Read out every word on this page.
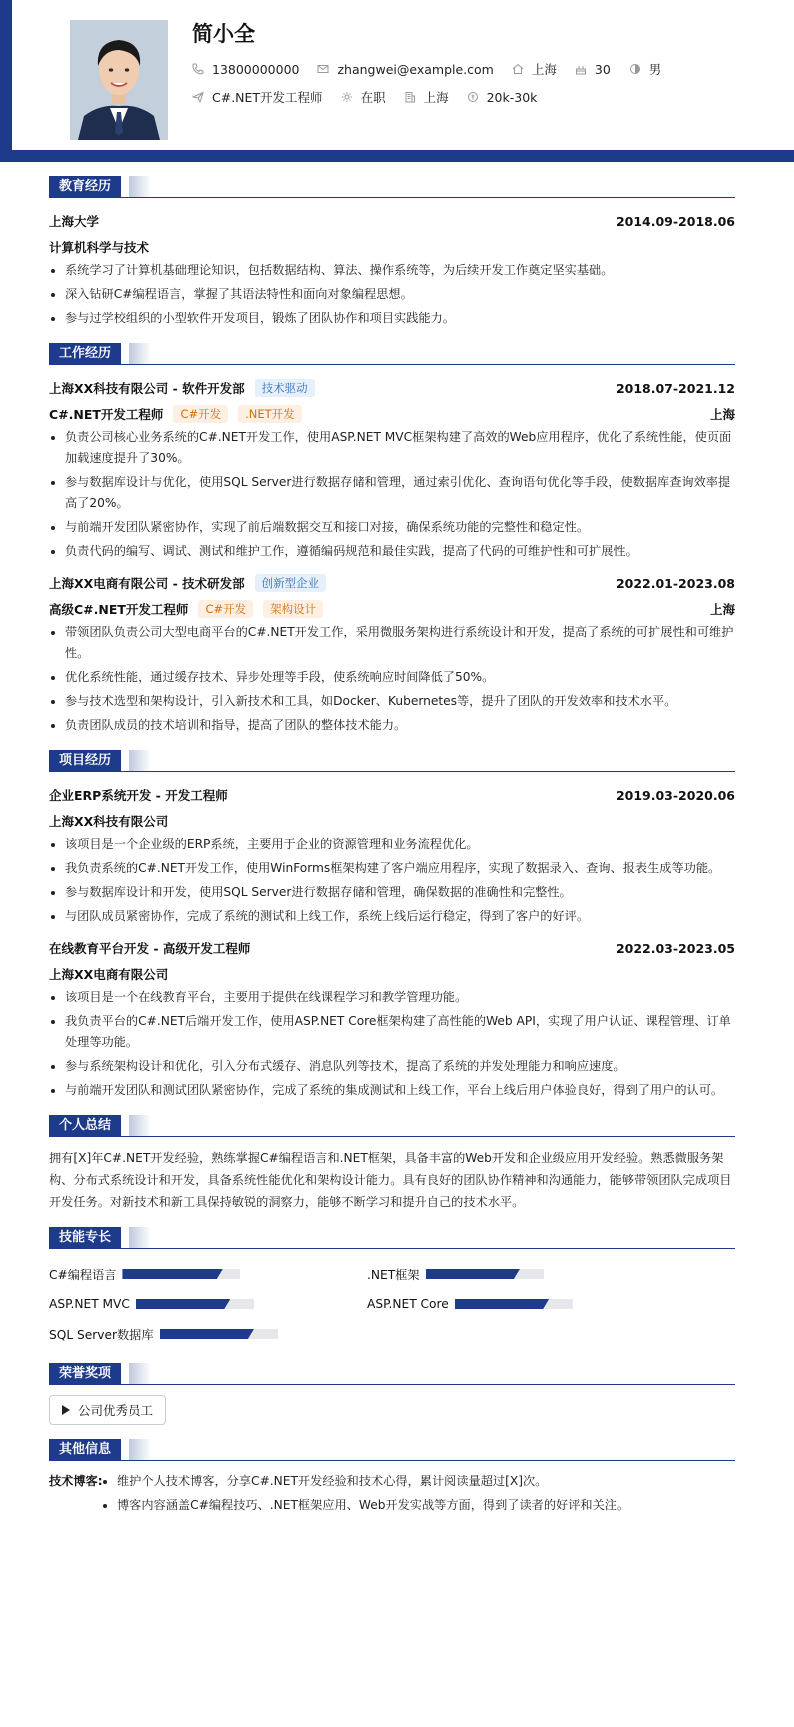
简小全
13800000000	zhangwei@example.com	上海	30	男
C#.NET开发工程师	在职	上海	20k-30k
教育经历
上海大学	2014.09-2018.06
计算机科学与技术
系统学习了计算机基础理论知识，包括数据结构、算法、操作系统等，为后续开发工作奠定坚实基础。
深入钻研C#编程语言，掌握了其语法特性和面向对象编程思想。
参与过学校组织的小型软件开发项目，锻炼了团队协作和项目实践能力。
工作经历
上海XX科技有限公司 - 软件开发部	技术驱动	2018.07-2021.12
C#.NET开发工程师	C#开发	.NET开发	上海
负责公司核心业务系统的C#.NET开发工作，使用ASP.NET MVC框架构建了高效的Web应用程序，优化了系统性能，使页面加载速度提升了30%。
参与数据库设计与优化，使用SQL Server进行数据存储和管理，通过索引优化、查询语句优化等手段，使数据库查询效率提高了20%。
与前端开发团队紧密协作，实现了前后端数据交互和接口对接，确保系统功能的完整性和稳定性。
负责代码的编写、调试、测试和维护工作，遵循编码规范和最佳实践，提高了代码的可维护性和可扩展性。
上海XX电商有限公司 - 技术研发部	创新型企业	2022.01-2023.08
高级C#.NET开发工程师	C#开发	架构设计	上海
带领团队负责公司大型电商平台的C#.NET开发工作，采用微服务架构进行系统设计和开发，提高了系统的可扩展性和可维护性。
优化系统性能，通过缓存技术、异步处理等手段，使系统响应时间降低了50%。
参与技术选型和架构设计，引入新技术和工具，如Docker、Kubernetes等，提升了团队的开发效率和技术水平。
负责团队成员的技术培训和指导，提高了团队的整体技术能力。
项目经历
企业ERP系统开发 - 开发工程师	2019.03-2020.06
上海XX科技有限公司
该项目是一个企业级的ERP系统，主要用于企业的资源管理和业务流程优化。
我负责系统的C#.NET开发工作，使用WinForms框架构建了客户端应用程序，实现了数据录入、查询、报表生成等功能。
参与数据库设计和开发，使用SQL Server进行数据存储和管理，确保数据的准确性和完整性。
与团队成员紧密协作，完成了系统的测试和上线工作，系统上线后运行稳定，得到了客户的好评。
在线教育平台开发 - 高级开发工程师	2022.03-2023.05
上海XX电商有限公司
该项目是一个在线教育平台，主要用于提供在线课程学习和教学管理功能。
我负责平台的C#.NET后端开发工作，使用ASP.NET Core框架构建了高性能的Web API，实现了用户认证、课程管理、订单处理等功能。
参与系统架构设计和优化，引入分布式缓存、消息队列等技术，提高了系统的并发处理能力和响应速度。
与前端开发团队和测试团队紧密协作，完成了系统的集成测试和上线工作，平台上线后用户体验良好，得到了用户的认可。
个人总结

拥有[X]年C#.NET开发经验，熟练掌握C#编程语言和.NET框架，具备丰富的Web开发和企业级应用开发经验。熟悉微服务架构、分布式系统设计和开发，具备系统性能优化和架构设计能力。具有良好的团队协作精神和沟通能力，能够带领团队完成项目开发任务。对新技术和新工具保持敏锐的洞察力，能够不断学习和提升自己的技术水平。

技能专长
C#编程语言	.NET框架
ASP.NET MVC	ASP.NET Core
SQL Server数据库
荣誉奖项
公司优秀员工
其他信息
技术博客:	维护个人技术博客，分享C#.NET开发经验和技术心得，累计阅读量超过[X]次。
博客内容涵盖C#编程技巧、.NET框架应用、Web开发实战等方面，得到了读者的好评和关注。
